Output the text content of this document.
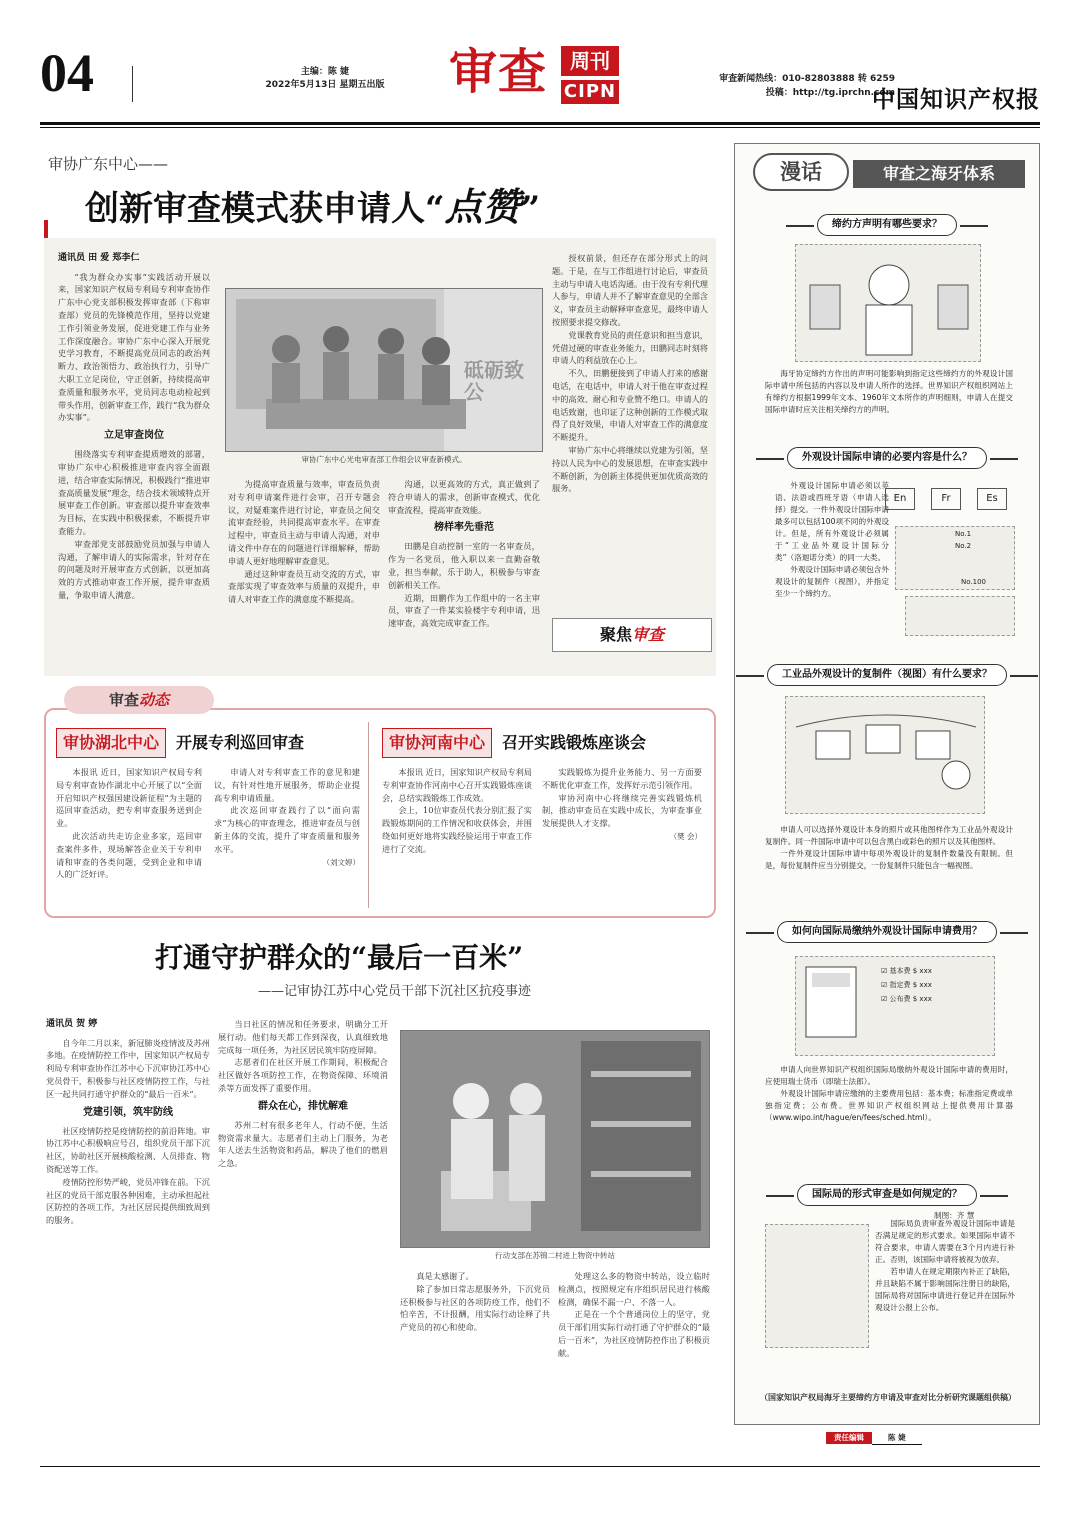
04	主编：陈 婕
2022年5月13日 星期五出版	审查	周刊
CIPN
审查新闻热线：010-82803888 转 6259
投稿：http://tg.iprchn.com
中国知识产权报
审协广东中心——
创新审查模式获申请人“点赞”
通讯员 田 爱 郑李仁

“我为群众办实事”实践活动开展以来，国家知识产权局专利局专利审查协作广东中心党支部积极发挥审查部（下称审查部）党员的先锋模范作用，坚持以党建工作引领业务发展，促进党建工作与业务工作深度融合。审协广东中心深入开展党史学习教育，不断提高党员同志的政治判断力、政治领悟力、政治执行力，引导广大职工立足岗位，守正创新，持续提高审查质量和服务水平，党员同志电动检起到带头作用，创新审查工作，践行“我为群众办实事”。

立足审查岗位

围绕落实专利审查提质增效的部署，审协广东中心积极推进审查内容全面跟进，结合审查实际情况，积极践行“推进审查高质量发展”理念，结合技术领域特点开展审查工作创新。审查部以提升审查效率为目标，在实践中积极探索，不断提升审查能力。

审查部党支部鼓励党员加强与申请人沟通，了解申请人的实际需求，针对存在的问题及时开展审查方式创新，以更加高效的方式推动审查工作开展，提升审查质量，争取申请人满意。

砥砺致公
审协广东中心光电审查部工作组会议审查新模式。

为提高审查质量与效率，审查员负责对专利申请案件进行会审，召开专题会议，对疑难案件进行讨论，审查员之间交流审查经验，共同提高审查水平。在审查过程中，审查员主动与申请人沟通，对申请文件中存在的问题进行详细解释，帮助申请人更好地理解审查意见。

通过这种审查员互动交流的方式，审查部实现了审查效率与质量的双提升，申请人对审查工作的满意度不断提高。

沟通，以更高效的方式，真正做到了符合申请人的需求，创新审查模式，优化审查流程，提高审查效能。

榜样率先垂范

田鹏是自动控制一室的一名审查员，作为一名党员，他入职以来一直勤奋敬业，担当奉献，乐于助人，积极参与审查创新相关工作。

近期，田鹏作为工作组中的一名主审员，审查了一件某实验楼宇专利申请，迅速审查，高效完成审查工作。

授权前景，但还存在部分形式上的问题。于是，在与工作组进行讨论后，审查员主动与申请人电话沟通。由于没有专利代理人参与，申请人并不了解审查意见的全部含义，审查员主动解释审查意见，最终申请人按照要求提交修改。

党课教育党员的责任意识和担当意识，凭借过硬的审查业务能力，田鹏同志时刻将申请人的利益放在心上。

不久，田鹏便接到了申请人打来的感谢电话，在电话中，申请人对于他在审查过程中的高效、耐心和专业赞不绝口。申请人的电话致谢，也印证了这种创新的工作模式取得了良好效果，申请人对审查工作的满意度不断提升。

审协广东中心将继续以党建为引领，坚持以人民为中心的发展思想，在审查实践中不断创新，为创新主体提供更加优质高效的服务。

聚焦审查
审查动态
审协湖北中心 开展专利巡回审查

本报讯 近日，国家知识产权局专利局专利审查协作湖北中心开展了以“全面开启知识产权强国建设新征程”为主题的巡回审查活动，把专利审查服务送到企业。

此次活动共走访企业多家，巡回审查案件多件，现场解答企业关于专利申请和审查的各类问题，受到企业和申请人的广泛好评。

申请人对专利审查工作的意见和建议，有针对性地开展服务，帮助企业提高专利申请质量。

此次巡回审查践行了以“面向需求”为核心的审查理念，推进审查员与创新主体的交流，提升了审查质量和服务水平。

（刘文婷）
审协河南中心 召开实践锻炼座谈会

本报讯 近日，国家知识产权局专利局专利审查协作河南中心召开实践锻炼座谈会，总结实践锻炼工作成效。

会上，10位审查员代表分别汇报了实践锻炼期间的工作情况和收获体会，并围绕如何更好地将实践经验运用于审查工作进行了交流。

实践锻炼为提升业务能力、另一方面要不断优化审查工作，发挥好示范引领作用。

审协河南中心将继续完善实践锻炼机制，推动审查员在实践中成长，为审查事业发展提供人才支撑。

（樊 会）
打通守护群众的“最后一百米”
——记审协江苏中心党员干部下沉社区抗疫事迹
通讯员 贺 婷

自今年二月以来，新冠肺炎疫情波及苏州多地。在疫情防控工作中，国家知识产权局专利局专利审查协作江苏中心下沉审协江苏中心党员骨干，积极参与社区疫情防控工作，与社区一起共同打通守护群众的“最后一百米”。

党建引领，筑牢防线

社区疫情防控是疫情防控的前沿阵地。审协江苏中心积极响应号召，组织党员干部下沉社区，协助社区开展核酸检测、人员排查、物资配送等工作。

疫情防控形势严峻，党员冲锋在前。下沉社区的党员干部克服各种困难，主动承担起社区防控的各项工作，为社区居民提供细致周到的服务。

当日社区的情况和任务要求，明确分工开展行动。他们每天都工作到深夜，认真细致地完成每一项任务，为社区居民筑牢防疫屏障。

志愿者们在社区开展工作期间，积极配合社区做好各项防控工作，在物资保障、环境消杀等方面发挥了重要作用。

群众在心，排忧解难

苏州二村有很多老年人，行动不便，生活物资需求量大。志愿者们主动上门服务，为老年人送去生活物资和药品，解决了他们的燃眉之急。

行动支部在苏锦二村进上物资中转站

真是太感谢了。

除了参加日常志愿服务外，下沉党员还积极参与社区的各项防疫工作，他们不怕辛苦，不计报酬，用实际行动诠释了共产党员的初心和使命。

处理这么多的物资中转站，设立临时检测点，按照规定有序组织居民进行核酸检测，确保不漏一户、不落一人。

正是在一个个普通岗位上的坚守，党员干部们用实际行动打通了守护群众的“最后一百米”，为社区疫情防控作出了积极贡献。

漫话	审查之海牙体系
缔约方声明有哪些要求？

海牙协定缔约方作出的声明可能影响到指定这些缔约方的外观设计国际申请中所包括的内容以及申请人所作的选择。世界知识产权组织网站上有缔约方根据1999年文本、1960年文本所作的声明细则，申请人在提交国际申请时应关注相关缔约方的声明。

外观设计国际申请的必要内容是什么？

外观设计国际申请必须以英语、法语或西班牙语（申请人选择）提交。一件外观设计国际申请最多可以包括100项不同的外观设计。但是，所有外观设计必须属于“工业品外观设计国际分类”（洛迦诺分类）的同一大类。

外观设计国际申请必须包含外观设计的复制件（视图），并指定至少一个缔约方。

En	Fr	Es
No.1
No.2
No.100
工业品外观设计的复制件（视图）有什么要求？

申请人可以选择外观设计本身的照片或其他图样作为工业品外观设计复制件。同一件国际申请中可以包含黑白或彩色的照片以及其他图样。

一件外观设计国际申请中每项外观设计的复制件数量没有限制。但是，每份复制件应当分别提交，一份复制件只能包含一幅视图。

如何向国际局缴纳外观设计国际申请费用？
☑ 基本费 $ xxx
☑ 指定费 $ xxx
☑ 公布费 $ xxx

申请人向世界知识产权组织国际局缴纳外观设计国际申请的费用时，应使用瑞士货币（即瑞士法郎）。

外观设计国际申请应缴纳的主要费用包括：基本费；标准指定费或单独指定费；公布费。世界知识产权组织网站上提供费用计算器（www.wipo.int/hague/en/fees/sched.html）。

国际局的形式审查是如何规定的？

国际局负责审查外观设计国际申请是否满足规定的形式要求。如果国际申请不符合要求，申请人需要在3个月内进行补正。否则，该国际申请将被视为放弃。

若申请人在规定期限内补正了缺陷，并且缺陷不属于影响国际注册日的缺陷，国际局将对国际申请进行登记并在国际外观设计公报上公布。

（国家知识产权局海牙主要缔约方申请及审查对比分析研究课题组供稿）
制图：齐 慧
责任编辑	陈 婕
